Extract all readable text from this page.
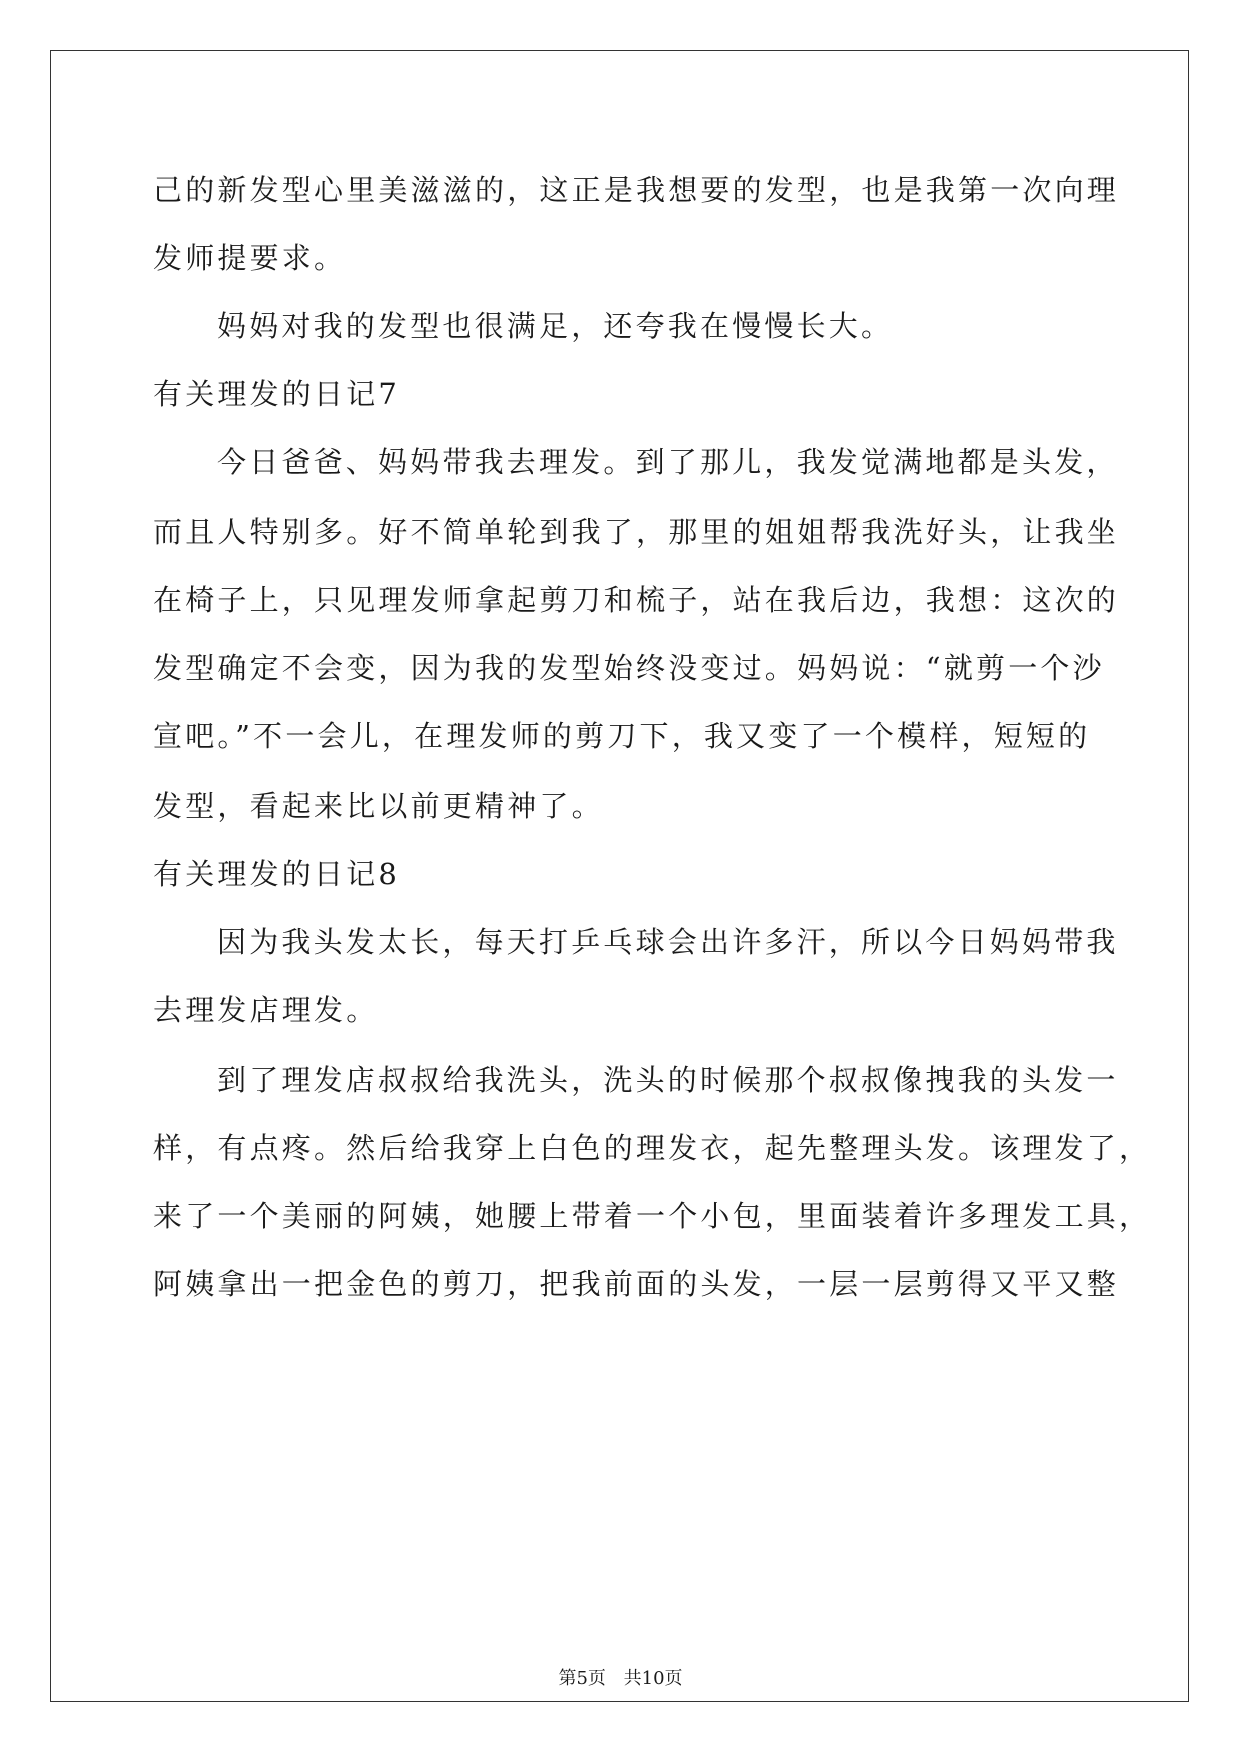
己的新发型心里美滋滋的，这正是我想要的发型，也是我第一次向理
发师提要求。
妈妈对我的发型也很满足，还夸我在慢慢长大。
有关理发的日记7
今日爸爸、妈妈带我去理发。到了那儿，我发觉满地都是头发，
而且人特别多。好不简单轮到我了，那里的姐姐帮我洗好头，让我坐
在椅子上，只见理发师拿起剪刀和梳子，站在我后边，我想：这次的
发型确定不会变，因为我的发型始终没变过。妈妈说：“就剪一个沙
宣吧。”不一会儿，在理发师的剪刀下，我又变了一个模样，短短的
发型，看起来比以前更精神了。
有关理发的日记8
因为我头发太长，每天打乒乓球会出许多汗，所以今日妈妈带我
去理发店理发。
到了理发店叔叔给我洗头，洗头的时候那个叔叔像拽我的头发一
样，有点疼。然后给我穿上白色的理发衣，起先整理头发。该理发了，
来了一个美丽的阿姨，她腰上带着一个小包，里面装着许多理发工具，
阿姨拿出一把金色的剪刀，把我前面的头发，一层一层剪得又平又整
第5页 共10页
